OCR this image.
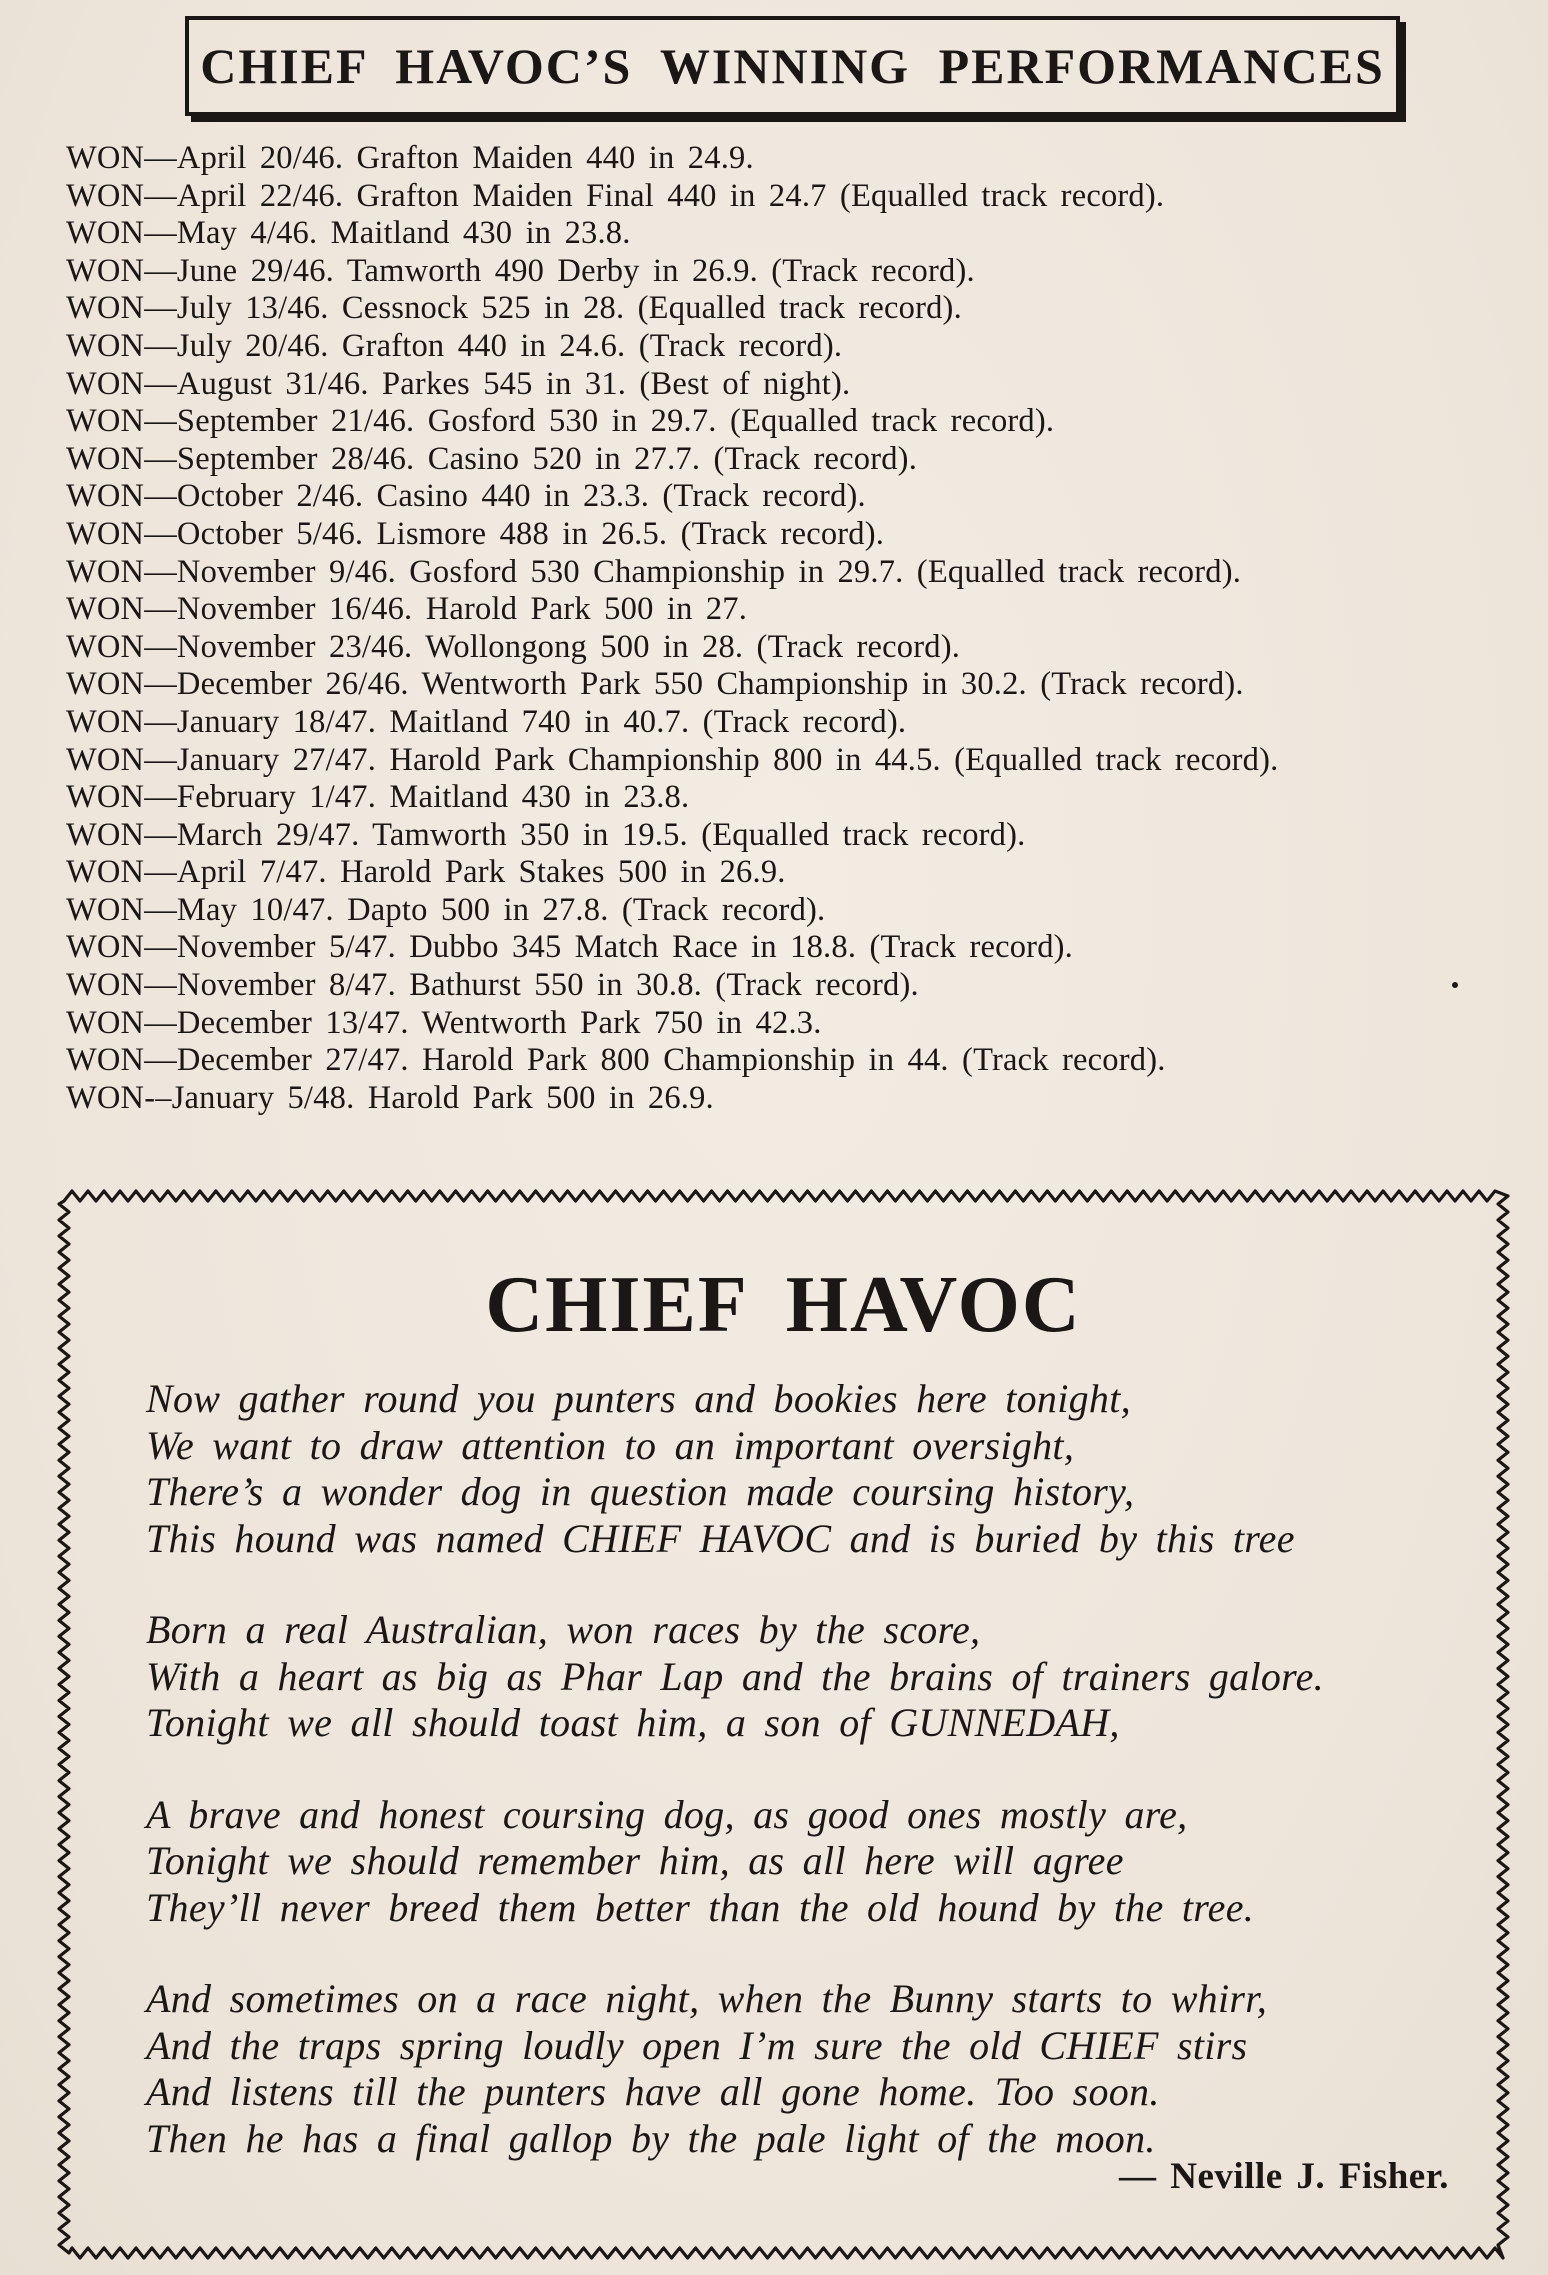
CHIEF HAVOC’S WINNING PERFORMANCES
WON—April 20/46. Grafton Maiden 440 in 24.9.
WON—April 22/46. Grafton Maiden Final 440 in 24.7 (Equalled track record).
WON—May 4/46. Maitland 430 in 23.8.
WON—June 29/46. Tamworth 490 Derby in 26.9. (Track record).
WON—July 13/46. Cessnock 525 in 28. (Equalled track record).
WON—July 20/46. Grafton 440 in 24.6. (Track record).
WON—August 31/46. Parkes 545 in 31. (Best of night).
WON—September 21/46. Gosford 530 in 29.7. (Equalled track record).
WON—September 28/46. Casino 520 in 27.7. (Track record).
WON—October 2/46. Casino 440 in 23.3. (Track record).
WON—October 5/46. Lismore 488 in 26.5. (Track record).
WON—November 9/46. Gosford 530 Championship in 29.7. (Equalled track record).
WON—November 16/46. Harold Park 500 in 27.
WON—November 23/46. Wollongong 500 in 28. (Track record).
WON—December 26/46. Wentworth Park 550 Championship in 30.2. (Track record).
WON—January 18/47. Maitland 740 in 40.7. (Track record).
WON—January 27/47. Harold Park Championship 800 in 44.5. (Equalled track record).
WON—February 1/47. Maitland 430 in 23.8.
WON—March 29/47. Tamworth 350 in 19.5. (Equalled track record).
WON—April 7/47. Harold Park Stakes 500 in 26.9.
WON—May 10/47. Dapto 500 in 27.8. (Track record).
WON—November 5/47. Dubbo 345 Match Race in 18.8. (Track record).
WON—November 8/47. Bathurst 550 in 30.8. (Track record).
WON—December 13/47. Wentworth Park 750 in 42.3.
WON—December 27/47. Harold Park 800 Championship in 44. (Track record).
WON-–January 5/48. Harold Park 500 in 26.9.
CHIEF HAVOC
Now gather round you punters and bookies here tonight,
We want to draw attention to an important oversight,
There’s a wonder dog in question made coursing history,
This hound was named CHIEF HAVOC and is buried by this tree
Born a real Australian, won races by the score,
With a heart as big as Phar Lap and the brains of trainers galore.
Tonight we all should toast him, a son of GUNNEDAH,
A brave and honest coursing dog, as good ones mostly are,
Tonight we should remember him, as all here will agree
They’ll never breed them better than the old hound by the tree.
And sometimes on a race night, when the Bunny starts to whirr,
And the traps spring loudly open I’m sure the old CHIEF stirs
And listens till the punters have all gone home. Too soon.
Then he has a final gallop by the pale light of the moon.
— Neville J. Fisher.
